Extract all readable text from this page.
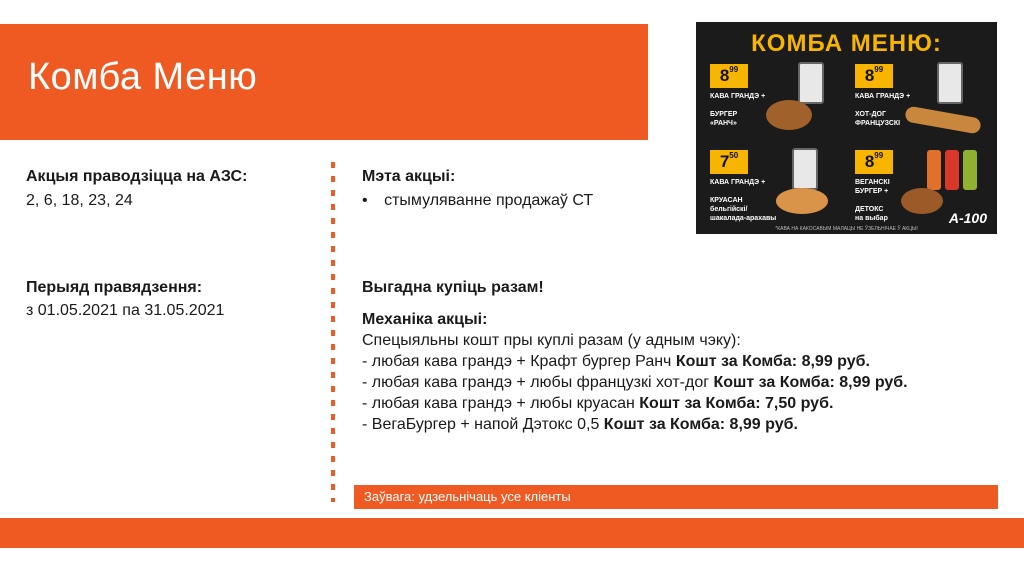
Комба Меню
Акцыя праводзіцца на АЗС:
2, 6, 18, 23, 24
Перыяд правядзення:
з 01.05.2021 па 31.05.2021
Мэта акцыі:
• стымуляванне продажаў СТ
Выгадна купіць разам!
Механіка акцыі:
Спецыяльны кошт пры куплі разам (у адным чэку):
- любая кава грандэ + Крафт бургер Ранч Кошт за Комба: 8,99 руб.
- любая кава грандэ + любы французкі хот-дог Кошт за Комба: 8,99 руб.
- любая кава грандэ + любы круасан Кошт за Комба: 7,50 руб.
- ВегаБургер + напой Дэтокс 0,5 Кошт за Комба: 8,99 руб.
КОМБА МЕНЮ:
$8^{99}$
КАВА ГРАНДЭ +

БУРГЕР
«РАНЧ»
$8^{99}$
КАВА ГРАНДЭ +

ХОТ-ДОГ
ФРАНЦУЗСКІ
$7^{50}$
КАВА ГРАНДЭ +

КРУАСАН
бельгійскі/
шакалада-арахавы
$8^{99}$
ВЕГАНСКІ
БУРГЕР +

ДЕТОКС
на выбар	A-100
*КАВА НА КАКОСАВЫМ МАЛАЦЫ НЕ ЎЗЕЛЬНІЧАЕ Ў АКЦЫІ
Заўвага: удзельнічаць усе кліенты
